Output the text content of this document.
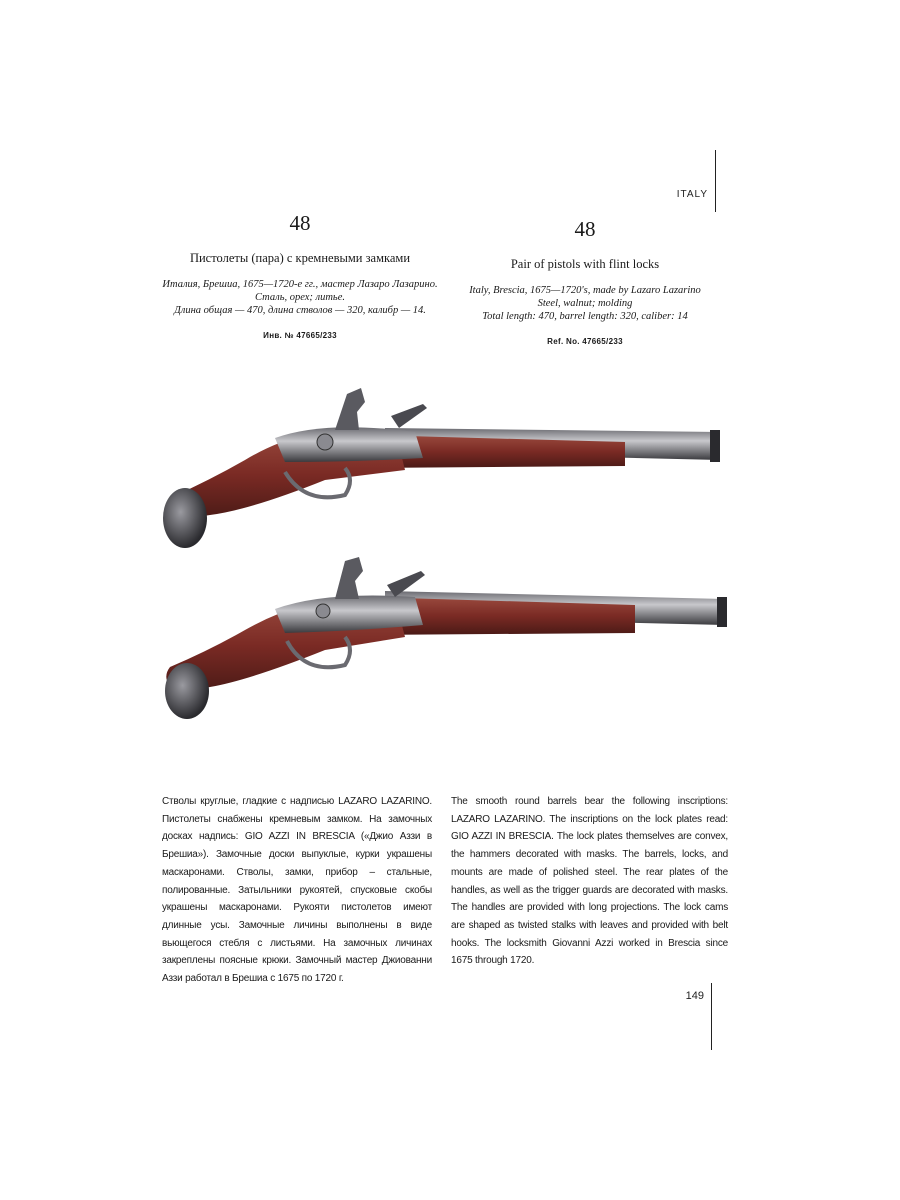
ITALY
48
Пистолеты (пара) с кремневыми замками
Италия, Брешиа, 1675—1720-е гг., мастер Лазаро Лазарино.
Сталь, орех; литье.
Длина общая — 470, длина стволов — 320, калибр — 14.
Инв. № 47665/233
48
Pair of pistols with flint locks
Italy, Brescia, 1675—1720's, made by Lazaro Lazarino
Steel, walnut; molding
Total length: 470, barrel length: 320, caliber: 14
Ref. No. 47665/233
Стволы круглые, гладкие с надписью LAZARO LAZARINO. Пистолеты снабжены кремневым замком. На замочных досках надпись: GIO AZZI IN BRESCIA («Джио Аззи в Брешиа»). Замочные доски выпуклые, курки украшены маскаронами. Стволы, замки, прибор – стальные, полированные. Затыльники рукоятей, спусковые скобы украшены маскаронами. Рукояти пистолетов имеют длинные усы. Замочные личины выполнены в виде вьющегося стебля с листьями. На замочных личинах закреплены поясные крюки. Замочный мастер Джиованни Аззи работал в Брешиа с 1675 по 1720 г.
The smooth round barrels bear the following inscriptions: LAZARO LAZARINO. The inscriptions on the lock plates read: GIO AZZI IN BRESCIA. The lock plates themselves are convex, the hammers decorated with masks. The barrels, locks, and mounts are made of polished steel. The rear plates of the handles, as well as the trigger guards are decorated with masks. The handles are provided with long projections. The lock cams are shaped as twisted stalks with leaves and provided with belt hooks. The locksmith Giovanni Azzi worked in Brescia since 1675 through 1720.
149
